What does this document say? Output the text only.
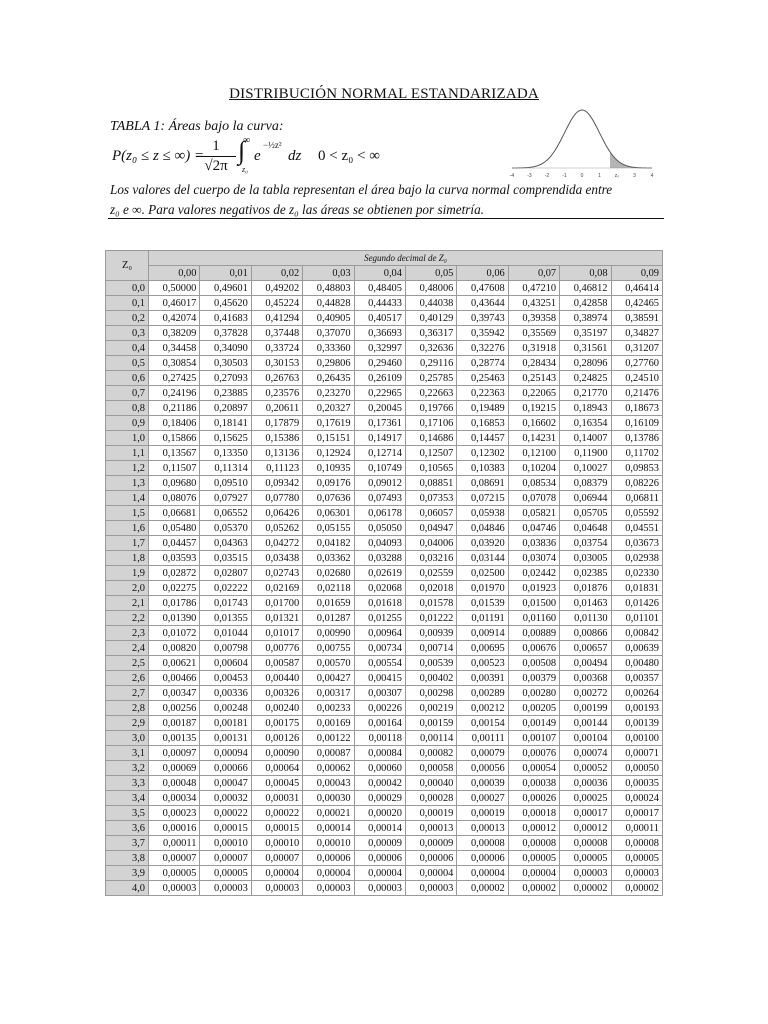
DISTRIBUCIÓN NORMAL ESTANDARIZADA
TABLA 1: Áreas bajo la curva:
P(z₀ ≤ z ≤ ∞) =
$\frac{1}{√2\pi}$ ∫
∞
z₀
e
−½z²
dz 0 < z₀ < ∞
-4	-3	-2	-1	0	1	z₀	3	4
Los valores del cuerpo de la tabla representan el área bajo la curva normal comprendida entre
z₀ e ∞. Para valores negativos de z₀ las áreas se obtienen por simetría.
Z₀	Segundo decimal de Z₀									
	0,00	0,01	0,02	0,03	0,04	0,05	0,06	0,07	0,08	0,09
0,0	0,50000	0,49601	0,49202	0,48803	0,48405	0,48006	0,47608	0,47210	0,46812	0,46414
0,1	0,46017	0,45620	0,45224	0,44828	0,44433	0,44038	0,43644	0,43251	0,42858	0,42465
0,2	0,42074	0,41683	0,41294	0,40905	0,40517	0,40129	0,39743	0,39358	0,38974	0,38591
0,3	0,38209	0,37828	0,37448	0,37070	0,36693	0,36317	0,35942	0,35569	0,35197	0,34827
0,4	0,34458	0,34090	0,33724	0,33360	0,32997	0,32636	0,32276	0,31918	0,31561	0,31207
0,5	0,30854	0,30503	0,30153	0,29806	0,29460	0,29116	0,28774	0,28434	0,28096	0,27760
0,6	0,27425	0,27093	0,26763	0,26435	0,26109	0,25785	0,25463	0,25143	0,24825	0,24510
0,7	0,24196	0,23885	0,23576	0,23270	0,22965	0,22663	0,22363	0,22065	0,21770	0,21476
0,8	0,21186	0,20897	0,20611	0,20327	0,20045	0,19766	0,19489	0,19215	0,18943	0,18673
0,9	0,18406	0,18141	0,17879	0,17619	0,17361	0,17106	0,16853	0,16602	0,16354	0,16109
1,0	0,15866	0,15625	0,15386	0,15151	0,14917	0,14686	0,14457	0,14231	0,14007	0,13786
1,1	0,13567	0,13350	0,13136	0,12924	0,12714	0,12507	0,12302	0,12100	0,11900	0,11702
1,2	0,11507	0,11314	0,11123	0,10935	0,10749	0,10565	0,10383	0,10204	0,10027	0,09853
1,3	0,09680	0,09510	0,09342	0,09176	0,09012	0,08851	0,08691	0,08534	0,08379	0,08226
1,4	0,08076	0,07927	0,07780	0,07636	0,07493	0,07353	0,07215	0,07078	0,06944	0,06811
1,5	0,06681	0,06552	0,06426	0,06301	0,06178	0,06057	0,05938	0,05821	0,05705	0,05592
1,6	0,05480	0,05370	0,05262	0,05155	0,05050	0,04947	0,04846	0,04746	0,04648	0,04551
1,7	0,04457	0,04363	0,04272	0,04182	0,04093	0,04006	0,03920	0,03836	0,03754	0,03673
1,8	0,03593	0,03515	0,03438	0,03362	0,03288	0,03216	0,03144	0,03074	0,03005	0,02938
1,9	0,02872	0,02807	0,02743	0,02680	0,02619	0,02559	0,02500	0,02442	0,02385	0,02330
2,0	0,02275	0,02222	0,02169	0,02118	0,02068	0,02018	0,01970	0,01923	0,01876	0,01831
2,1	0,01786	0,01743	0,01700	0,01659	0,01618	0,01578	0,01539	0,01500	0,01463	0,01426
2,2	0,01390	0,01355	0,01321	0,01287	0,01255	0,01222	0,01191	0,01160	0,01130	0,01101
2,3	0,01072	0,01044	0,01017	0,00990	0,00964	0,00939	0,00914	0,00889	0,00866	0,00842
2,4	0,00820	0,00798	0,00776	0,00755	0,00734	0,00714	0,00695	0,00676	0,00657	0,00639
2,5	0,00621	0,00604	0,00587	0,00570	0,00554	0,00539	0,00523	0,00508	0,00494	0,00480
2,6	0,00466	0,00453	0,00440	0,00427	0,00415	0,00402	0,00391	0,00379	0,00368	0,00357
2,7	0,00347	0,00336	0,00326	0,00317	0,00307	0,00298	0,00289	0,00280	0,00272	0,00264
2,8	0,00256	0,00248	0,00240	0,00233	0,00226	0,00219	0,00212	0,00205	0,00199	0,00193
2,9	0,00187	0,00181	0,00175	0,00169	0,00164	0,00159	0,00154	0,00149	0,00144	0,00139
3,0	0,00135	0,00131	0,00126	0,00122	0,00118	0,00114	0,00111	0,00107	0,00104	0,00100
3,1	0,00097	0,00094	0,00090	0,00087	0,00084	0,00082	0,00079	0,00076	0,00074	0,00071
3,2	0,00069	0,00066	0,00064	0,00062	0,00060	0,00058	0,00056	0,00054	0,00052	0,00050
3,3	0,00048	0,00047	0,00045	0,00043	0,00042	0,00040	0,00039	0,00038	0,00036	0,00035
3,4	0,00034	0,00032	0,00031	0,00030	0,00029	0,00028	0,00027	0,00026	0,00025	0,00024
3,5	0,00023	0,00022	0,00022	0,00021	0,00020	0,00019	0,00019	0,00018	0,00017	0,00017
3,6	0,00016	0,00015	0,00015	0,00014	0,00014	0,00013	0,00013	0,00012	0,00012	0,00011
3,7	0,00011	0,00010	0,00010	0,00010	0,00009	0,00009	0,00008	0,00008	0,00008	0,00008
3,8	0,00007	0,00007	0,00007	0,00006	0,00006	0,00006	0,00006	0,00005	0,00005	0,00005
3,9	0,00005	0,00005	0,00004	0,00004	0,00004	0,00004	0,00004	0,00004	0,00003	0,00003
4,0	0,00003	0,00003	0,00003	0,00003	0,00003	0,00003	0,00002	0,00002	0,00002	0,00002
